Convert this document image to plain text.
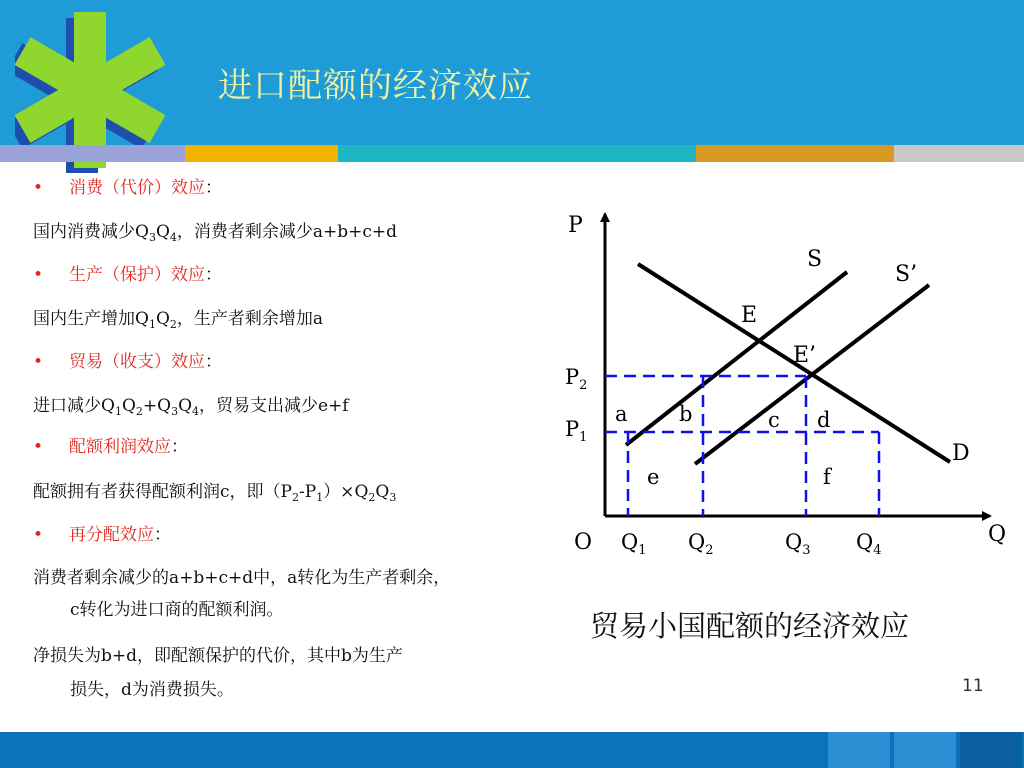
进口配额的经济效应
• 消费（代价）效应：
国内消费减少$Q_3Q_4$，消费者剩余减少a+b+c+d
• 生产（保护）效应：
国内生产增加$Q_1Q_2$，生产者剩余增加a
• 贸易（收支）效应：
进口减少$Q_1Q_2+Q_3Q_4$，贸易支出减少e+f
• 配额利润效应：
配额拥有者获得配额利润c，即$(P_2-P_1)\times Q_2Q_3$
• 再分配效应：
消费者剩余减少的a+b+c+d中，a转化为生产者剩余，
c转化为进口商的配额利润。
净损失为b+d，即配额保护的代价，其中b为生产
损失，d为消费损失。
P
S
S’
E
E’
D
O	Q
$P_2$
$P_1$
$Q_1$ $Q_2$	$Q_3$ $Q_4$
a b	c d
e	f
贸易小国配额的经济效应
11
